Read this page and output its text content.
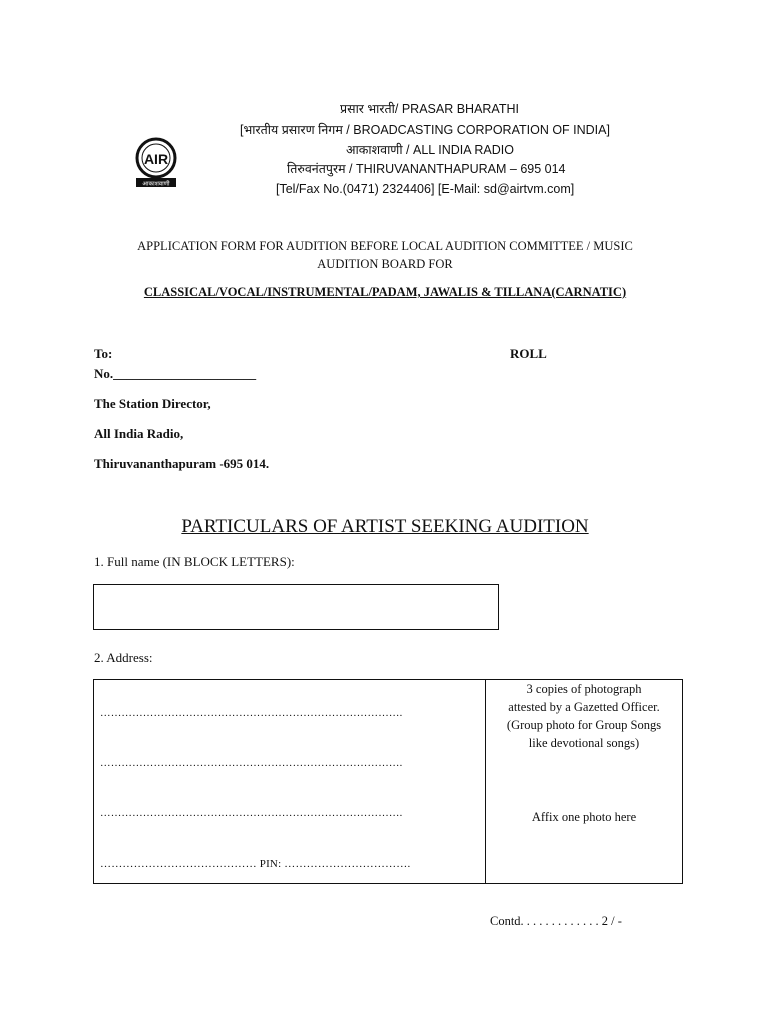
AIR
आकाशवाणी
प्रसार भारती/ PRASAR BHARATHI
[भारतीय प्रसारण निगम / BROADCASTING CORPORATION OF INDIA]
आकाशवाणी / ALL INDIA RADIO
तिरुवनंतपुरम / THIRUVANANTHAPURAM – 695 014
[Tel/Fax No.(0471) 2324406] [E-Mail: sd@airtvm.com]
APPLICATION FORM FOR AUDITION BEFORE LOCAL AUDITION COMMITTEE / MUSIC
AUDITION BOARD FOR
CLASSICAL/VOCAL/INSTRUMENTAL/PADAM, JAWALIS & TILLANA(CARNATIC)
To:	ROLL
No.______________________
The Station Director,
All India Radio,
Thiruvananthapuram -695 014.
PARTICULARS OF ARTIST SEEKING AUDITION
1. Full name (IN BLOCK LETTERS):
2. Address:
………………………………………………………………………….
………………………………………………………………………….
………………………………………………………………………….
…………………………………… PIN: …………………………….
3 copies of photograph
attested by a Gazetted Officer.
(Group photo for Group Songs
like devotional songs)
Affix one photo here
Contd. . . . . . . . . . . . . 2 / -
